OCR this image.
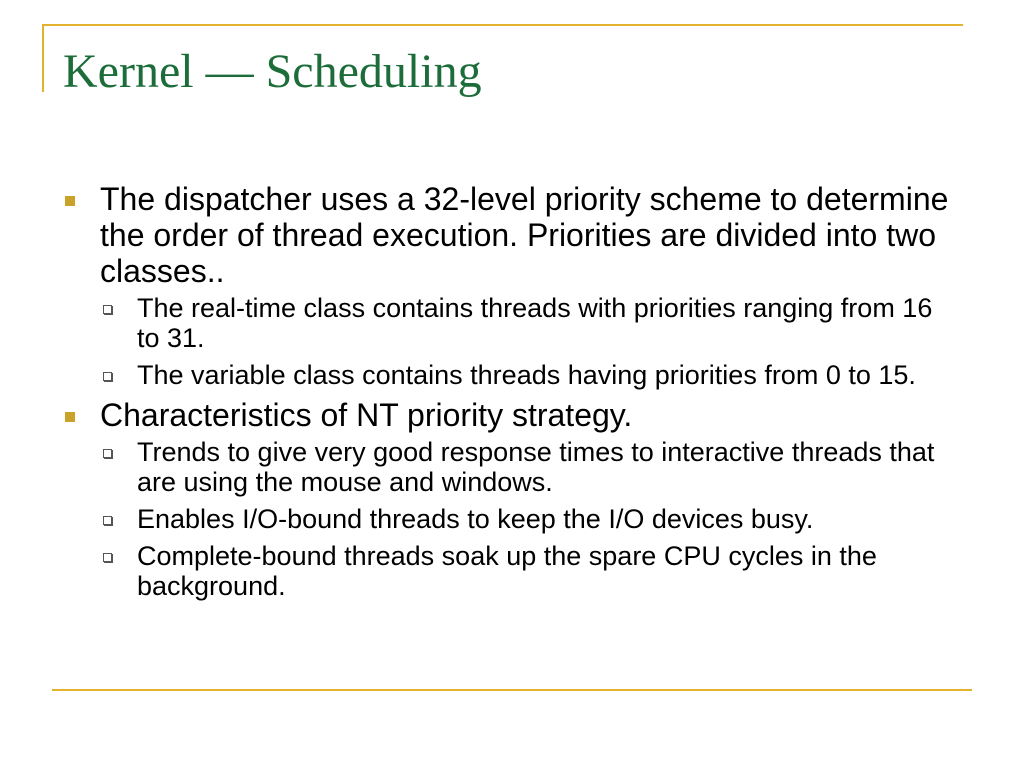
Kernel — Scheduling
The dispatcher uses a 32-level priority scheme to determine the order of thread execution. Priorities are divided into two classes..
The real-time class contains threads with priorities ranging from 16 to 31.
The variable class contains threads having priorities from 0 to 15.
Characteristics of NT priority strategy.
Trends to give very good response times to interactive threads that are using the mouse and windows.
Enables I/O-bound threads to keep the I/O devices busy.
Complete-bound threads soak up the spare CPU cycles in the background.
